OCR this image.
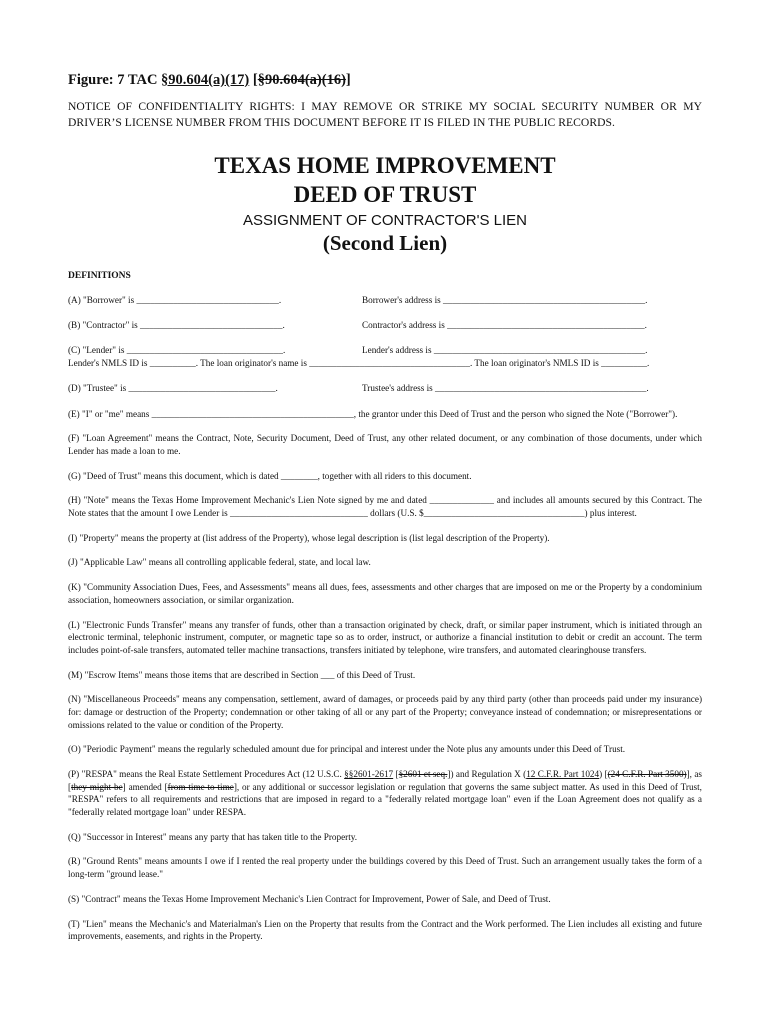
Figure: 7 TAC §90.604(a)(17) [§90.604(a)(16)]
NOTICE OF CONFIDENTIALITY RIGHTS: I MAY REMOVE OR STRIKE MY SOCIAL SECURITY NUMBER OR MY DRIVER’S LICENSE NUMBER FROM THIS DOCUMENT BEFORE IT IS FILED IN THE PUBLIC RECORDS.
TEXAS HOME IMPROVEMENT
DEED OF TRUST
ASSIGNMENT OF CONTRACTOR'S LIEN
(Second Lien)
DEFINITIONS
(A) "Borrower" is _______________________________.	Borrower's address is ____________________________________________.
(B) "Contractor" is _______________________________.	Contractor's address is ___________________________________________.
(C) "Lender" is __________________________________.	Lender's address is ______________________________________________.
Lender's NMLS ID is __________. The loan originator's name is ___________________________________. The loan originator's NMLS ID is __________.
(D) "Trustee" is ________________________________.	Trustee's address is ______________________________________________.
(E) "I" or "me" means ____________________________________________, the grantor under this Deed of Trust and the person who signed the Note ("Borrower").
(F) "Loan Agreement" means the Contract, Note, Security Document, Deed of Trust, any other related document, or any combination of those documents, under which Lender has made a loan to me.
(G) "Deed of Trust" means this document, which is dated ________, together with all riders to this document.
(H) "Note" means the Texas Home Improvement Mechanic's Lien Note signed by me and dated ______________ and includes all amounts secured by this Contract. The Note states that the amount I owe Lender is ______________________________ dollars (U.S. $___________________________________) plus interest.
(I) "Property" means the property at (list address of the Property), whose legal description is (list legal description of the Property).
(J) "Applicable Law" means all controlling applicable federal, state, and local law.
(K) "Community Association Dues, Fees, and Assessments" means all dues, fees, assessments and other charges that are imposed on me or the Property by a condominium association, homeowners association, or similar organization.
(L) "Electronic Funds Transfer" means any transfer of funds, other than a transaction originated by check, draft, or similar paper instrument, which is initiated through an electronic terminal, telephonic instrument, computer, or magnetic tape so as to order, instruct, or authorize a financial institution to debit or credit an account. The term includes point-of-sale transfers, automated teller machine transactions, transfers initiated by telephone, wire transfers, and automated clearinghouse transfers.
(M) "Escrow Items" means those items that are described in Section ___ of this Deed of Trust.
(N) "Miscellaneous Proceeds" means any compensation, settlement, award of damages, or proceeds paid by any third party (other than proceeds paid under my insurance) for: damage or destruction of the Property; condemnation or other taking of all or any part of the Property; conveyance instead of condemnation; or misrepresentations or omissions related to the value or condition of the Property.
(O) "Periodic Payment" means the regularly scheduled amount due for principal and interest under the Note plus any amounts under this Deed of Trust.
(P) "RESPA" means the Real Estate Settlement Procedures Act (12 U.S.C. §§2601-2617 [§2601 et seq.]) and Regulation X (12 C.F.R. Part 1024) [(24 C.F.R. Part 3500)], as [they might be] amended [from time to time], or any additional or successor legislation or regulation that governs the same subject matter. As used in this Deed of Trust, "RESPA" refers to all requirements and restrictions that are imposed in regard to a "federally related mortgage loan" even if the Loan Agreement does not qualify as a "federally related mortgage loan" under RESPA.
(Q) "Successor in Interest" means any party that has taken title to the Property.
(R) "Ground Rents" means amounts I owe if I rented the real property under the buildings covered by this Deed of Trust. Such an arrangement usually takes the form of a long-term "ground lease."
(S) "Contract" means the Texas Home Improvement Mechanic's Lien Contract for Improvement, Power of Sale, and Deed of Trust.
(T) "Lien" means the Mechanic's and Materialman's Lien on the Property that results from the Contract and the Work performed. The Lien includes all existing and future improvements, easements, and rights in the Property.
